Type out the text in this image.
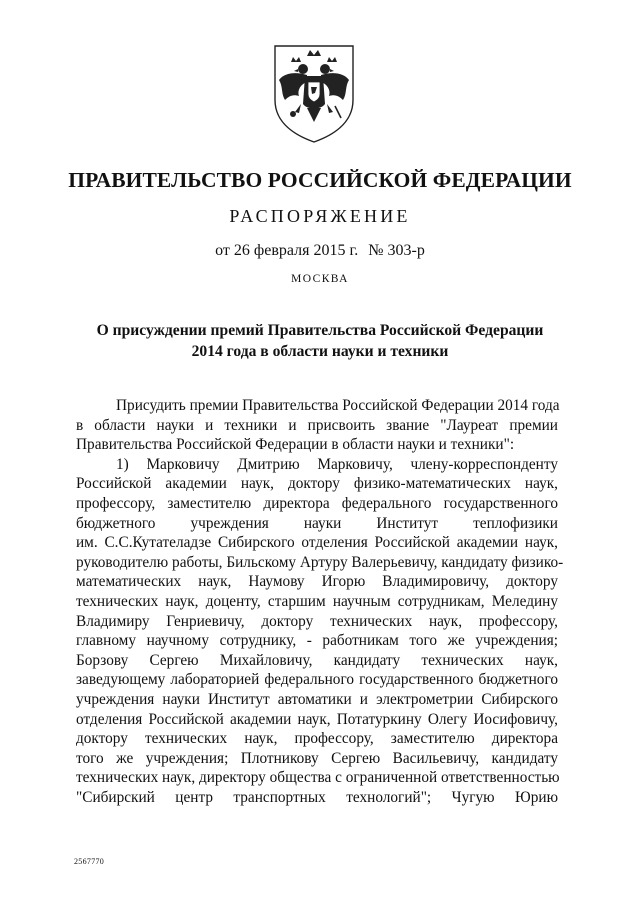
ПРАВИТЕЛЬСТВО РОССИЙСКОЙ ФЕДЕРАЦИИ
РАСПОРЯЖЕНИЕ
от 26 февраля 2015 г. № 303-р
МОСКВА
О присуждении премий Правительства Российской Федерации
2014 года в области науки и техники
Присудить премии Правительства Российской Федерации 2014 года
в области науки и техники и присвоить звание "Лауреат премии
Правительства Российской Федерации в области науки и техники":
1) Марковичу Дмитрию Марковичу, члену-корреспонденту
Российской академии наук, доктору физико-математических наук,
профессору, заместителю директора федерального государственного
бюджетного учреждения науки Институт теплофизики
им. С.С.Кутателадзе Сибирского отделения Российской академии наук,
руководителю работы, Бильскому Артуру Валерьевичу, кандидату физико-
математических наук, Наумову Игорю Владимировичу, доктору
технических наук, доценту, старшим научным сотрудникам, Меледину
Владимиру Генриевичу, доктору технических наук, профессору,
главному научному сотруднику, - работникам того же учреждения;
Борзову Сергею Михайловичу, кандидату технических наук,
заведующему лабораторией федерального государственного бюджетного
учреждения науки Институт автоматики и электрометрии Сибирского
отделения Российской академии наук, Потатуркину Олегу Иосифовичу,
доктору технических наук, профессору, заместителю директора
того же учреждения; Плотникову Сергею Васильевичу, кандидату
технических наук, директору общества с ограниченной ответственностью
"Сибирский центр транспортных технологий"; Чугую Юрию
2567770
